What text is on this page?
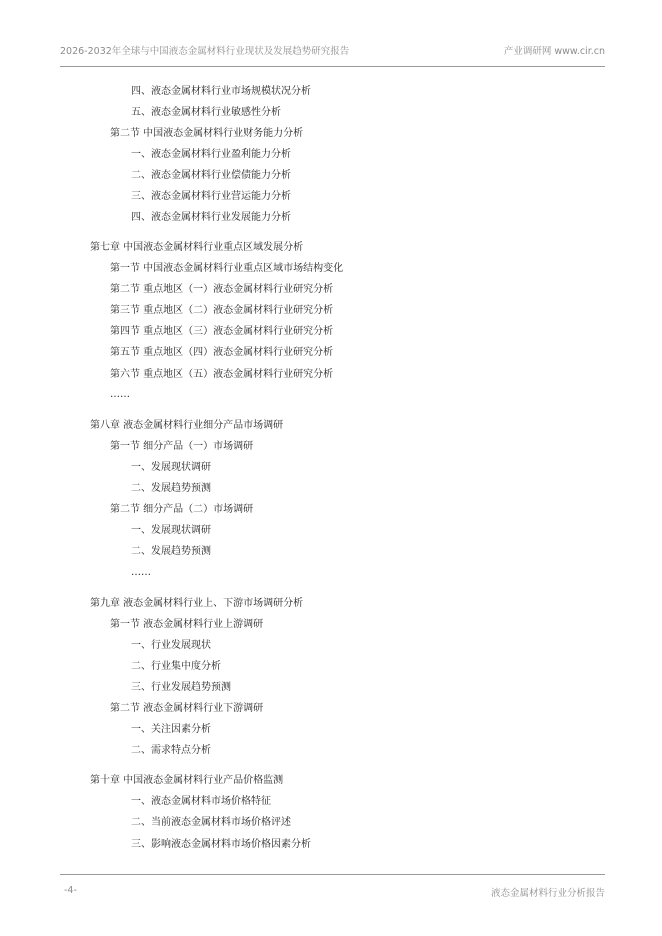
2026-2032年全球与中国液态金属材料行业现状及发展趋势研究报告	产业调研网 www.cir.cn
四、液态金属材料行业市场规模状况分析
五、液态金属材料行业敏感性分析
第二节 中国液态金属材料行业财务能力分析
一、液态金属材料行业盈利能力分析
二、液态金属材料行业偿债能力分析
三、液态金属材料行业营运能力分析
四、液态金属材料行业发展能力分析
第七章 中国液态金属材料行业重点区域发展分析
第一节 中国液态金属材料行业重点区域市场结构变化
第二节 重点地区（一）液态金属材料行业研究分析
第三节 重点地区（二）液态金属材料行业研究分析
第四节 重点地区（三）液态金属材料行业研究分析
第五节 重点地区（四）液态金属材料行业研究分析
第六节 重点地区（五）液态金属材料行业研究分析
……
第八章 液态金属材料行业细分产品市场调研
第一节 细分产品（一）市场调研
一、发展现状调研
二、发展趋势预测
第二节 细分产品（二）市场调研
一、发展现状调研
二、发展趋势预测
……
第九章 液态金属材料行业上、下游市场调研分析
第一节 液态金属材料行业上游调研
一、行业发展现状
二、行业集中度分析
三、行业发展趋势预测
第二节 液态金属材料行业下游调研
一、关注因素分析
二、需求特点分析
第十章 中国液态金属材料行业产品价格监测
一、液态金属材料市场价格特征
二、当前液态金属材料市场价格评述
三、影响液态金属材料市场价格因素分析
-4-	液态金属材料行业分析报告
